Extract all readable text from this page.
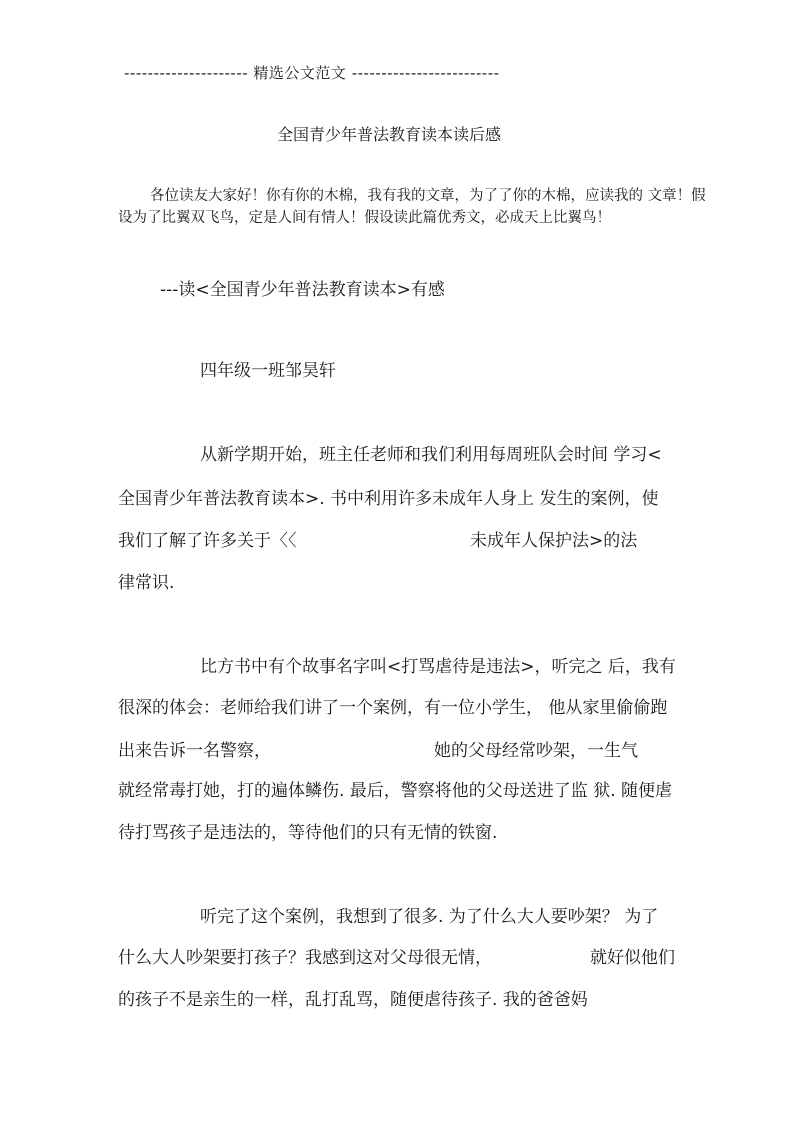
--------------------- 精选公文范文 -------------------------
全国青少年普法教育读本读后感
各位读友大家好！你有你的木棉，我有我的文章，为了了你的木棉，应读我的 文章！假
设为了比翼双飞鸟，定是人间有情人！假设读此篇优秀文，必成天上比翼鸟！
---读<全国青少年普法教育读本>有感
四年级一班邹昊轩
从新学期开始，班主任老师和我们利用每周班队会时间 学习<
全国青少年普法教育读本>. 书中利用许多未成年人身上 发生的案例，使
我们了解了许多关于〈〈	未成年人保护法>的法
律常识.
比方书中有个故事名字叫<打骂虐待是违法>，听完之 后，我有
很深的体会：老师给我们讲了一个案例，有一位小学生， 他从家里偷偷跑
出来告诉一名警察，	她的父母经常吵架，一生气
就经常毒打她，打的遍体鳞伤. 最后，警察将他的父母送进了监 狱. 随便虐
待打骂孩子是违法的，等待他们的只有无情的铁窗.
听完了这个案例，我想到了很多. 为了什么大人要吵架？ 为了
什么大人吵架要打孩子？我感到这对父母很无情，	就好似他们
的孩子不是亲生的一样，乱打乱骂，随便虐待孩子. 我的爸爸妈
